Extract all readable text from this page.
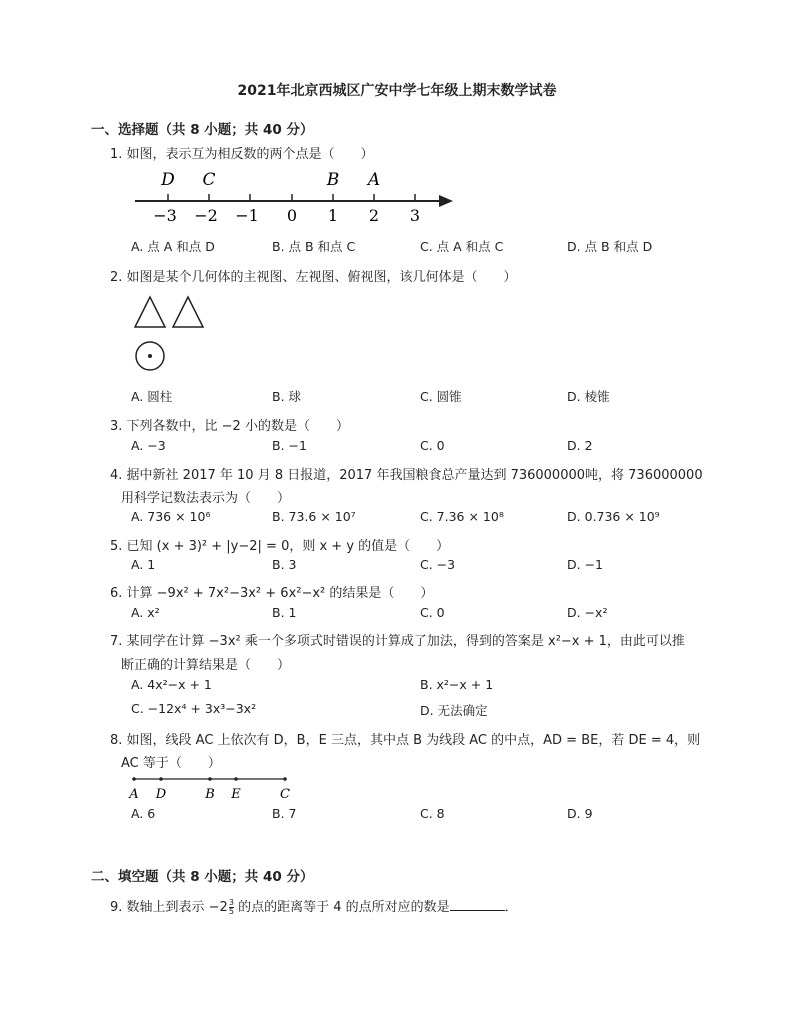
2021年北京西城区广安中学七年级上期末数学试卷
一、选择题（共 8 小题；共 40 分）
1. 如图，表示互为相反数的两个点是（　　）
D C	B A
−3 −2 −1 0 1 2 3
A. 点 A 和点 D	B. 点 B 和点 C	C. 点 A 和点 C	D. 点 B 和点 D
2. 如图是某个几何体的主视图、左视图、俯视图，该几何体是（　　）
A. 圆柱	B. 球	C. 圆锥	D. 棱锥
3. 下列各数中，比 −2 小的数是（　　）
A. −3	B. −1	C. 0	D. 2
4. 据中新社 2017 年 10 月 8 日报道，2017 年我国粮食总产量达到 736000000吨，将 736000000
用科学记数法表示为（　　）
A. 736 × 10⁶	B. 73.6 × 10⁷	C. 7.36 × 10⁸	D. 0.736 × 10⁹
5. 已知 (x + 3)² + |y−2| = 0，则 x + y 的值是（　　）
A. 1	B. 3	C. −3	D. −1
6. 计算 −9x² + 7x²−3x² + 6x²−x² 的结果是（　　）
A. x²	B. 1	C. 0	D. −x²
7. 某同学在计算 −3x² 乘一个多项式时错误的计算成了加法，得到的答案是 x²−x + 1，由此可以推
断正确的计算结果是（　　）
A. 4x²−x + 1	B. x²−x + 1
C. −12x⁴ + 3x³−3x²	D. 无法确定
8. 如图，线段 AC 上依次有 D，B，E 三点，其中点 B 为线段 AC 的中点，AD = BE，若 DE = 4，则
AC 等于（　　）
A D	B E	C
A. 6	B. 7	C. 8	D. 9
二、填空题（共 8 小题；共 40 分）
9. 数轴上到表示 $-2 \frac{3}{5}$ 的点的距离等于 4 的点所对应的数是	．
